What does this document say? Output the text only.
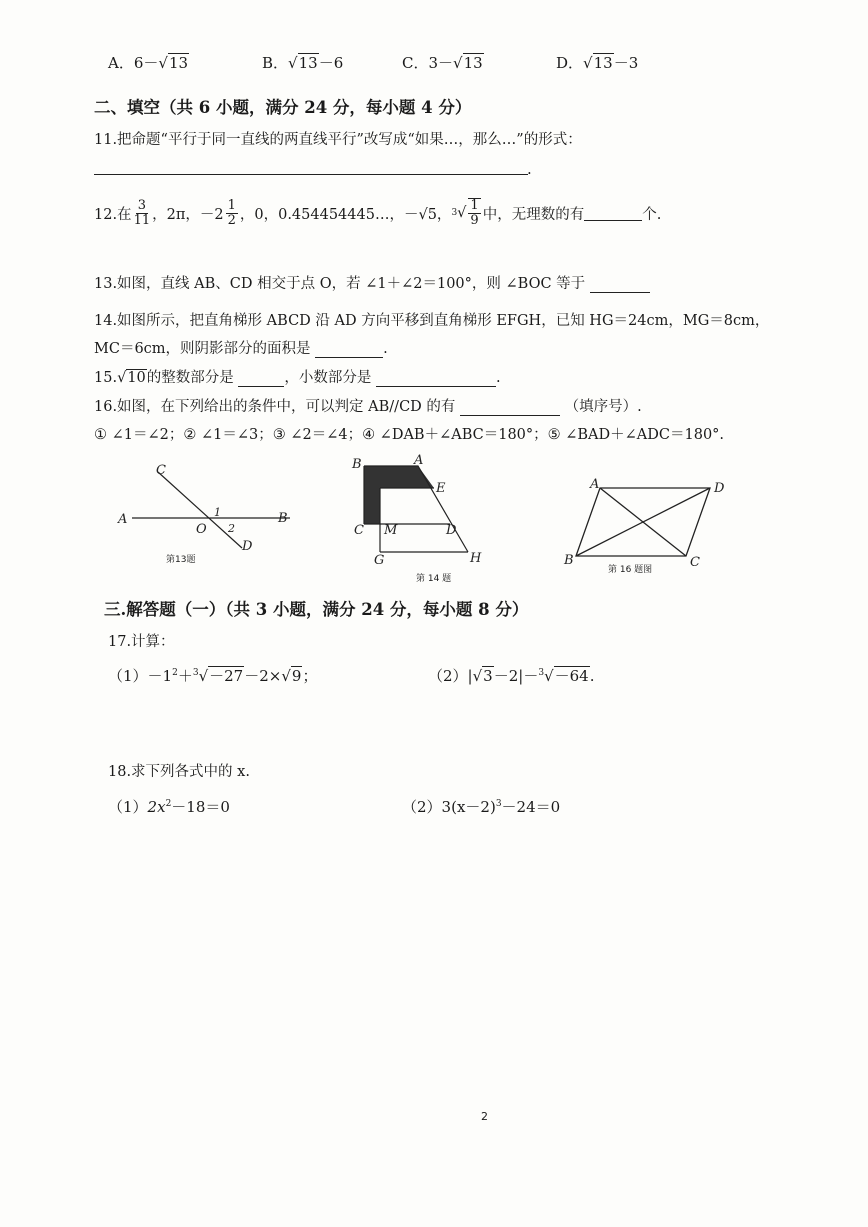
A．6－√13	B．√13－6	C．3－√13	D．√13－3
二、填空（共 6 小题，满分 24 分，每小题 4 分）
11.把命题“平行于同一直线的两直线平行”改写成“如果…，那么…”的形式：
.
12.在 $\frac{3}{11}$ ，2π，$-2 \frac{1}{2}$ ，0，0.454454445…，－√5， 3 √ $\frac{1}{9}$ 中，无理数的有	个.
13.如图，直线 AB、CD 相交于点 O，若 ∠1＋∠2＝100°，则 ∠BOC 等于
14.如图所示，把直角梯形 ABCD 沿 AD 方向平移到直角梯形 EFGH，已知 HG＝24cm，MG＝8cm，
MC＝6cm，则阴影部分的面积是	.
15.√10的整数部分是	，小数部分是	.
16.如图，在下列给出的条件中，可以判定 AB//CD 的有	（填序号）.
① ∠1＝∠2；② ∠1＝∠3；③ ∠2＝∠4；④ ∠DAB＋∠ABC＝180°；⑤ ∠BAD＋∠ADC＝180°.
A	B
C
D
O
1
2
第13题
B	A
E
C M	D
G	H
第 14 题
A	D
B	C
第 16 题图
三.解答题（一）（共 3 小题，满分 24 分，每小题 8 分）
17.计算：
$(1)-1^2+^3√-27-2\times√9$；	（2）|√3－2|－$^3$√－64.
18.求下列各式中的 x.
$(1)2x^2-18=0$	$(2)3(x-2)^3-24=0$
2
